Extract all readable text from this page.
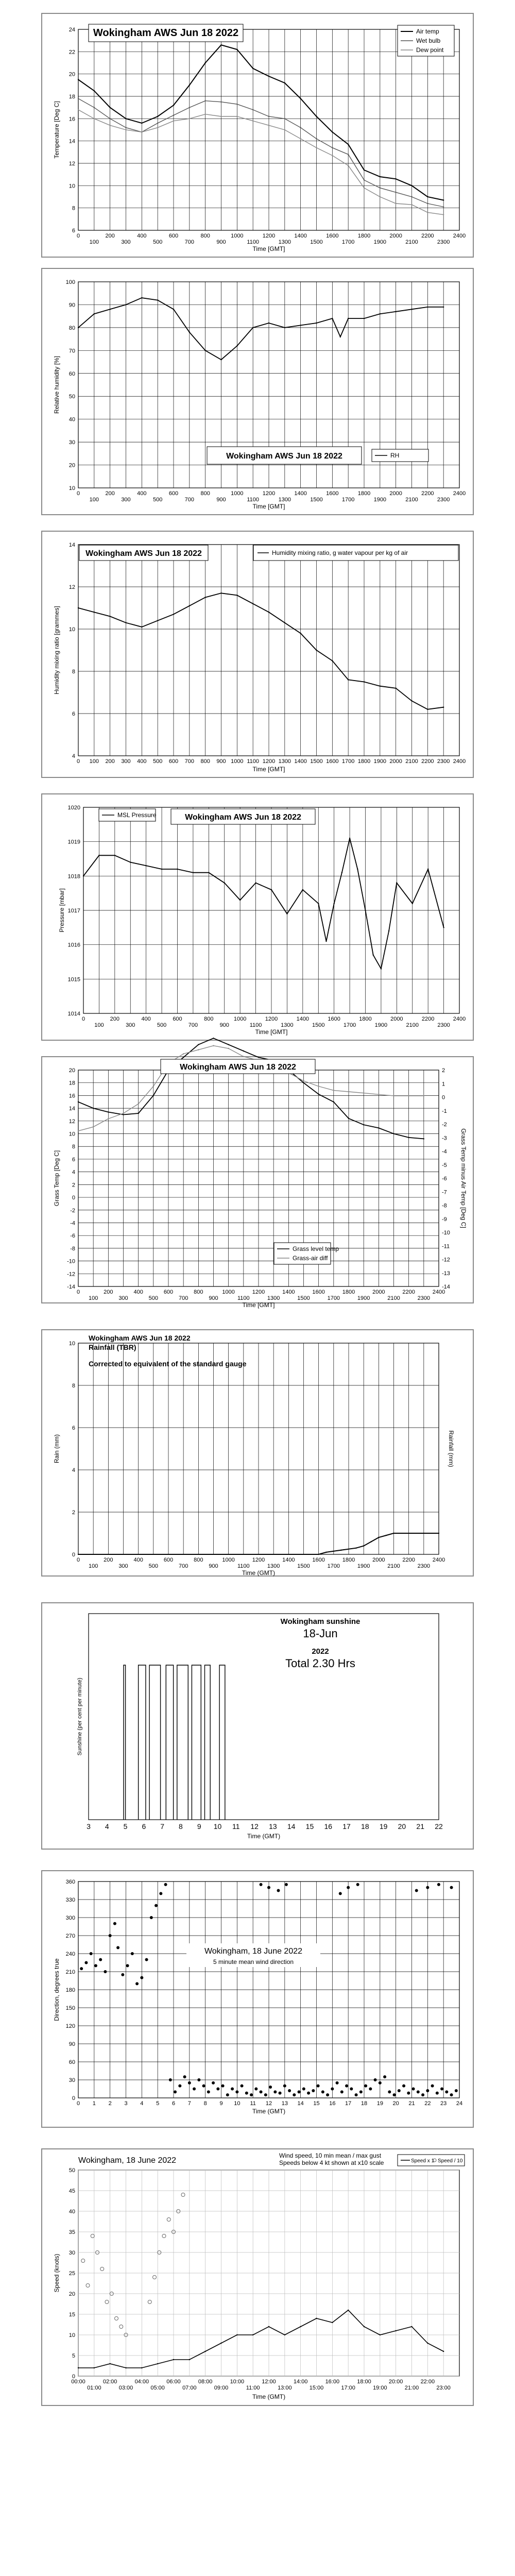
0
100
200
300
400
500
600
700
800
900
1000
1100
1200
1300
1400
1500
1600
1700
1800
1900
2000
2100
2200
2300
2400
6
8
10
12
14
16
18
20
22
24
Time [GMT]
Temperature [Deg C]
Wokingham AWS Jun 18 2022	Air temp
Wet bulb
Dew point
0
100
200
300
400
500
600
700
800
900
1000
1100
1200
1300
1400
1500
1600
1700
1800
1900
2000
2100
2200
2300
2400
10
20
30
40
50
60
70
80
90
100
Time [GMT]
Relative humidity [%]
Wokingham AWS Jun 18 2022	RH
0 100 200 300 400 500 600 700 800 900 1000 1100 1200 1300 1400 1500 1600 1700 1800 1900 2000 2100 2200 2300 2400
4
6
8
10
12
14
Time [GMT]
Humidity mixing ratio [grammes]
Wokingham AWS Jun 18 2022	Humidity mixing ratio, g water vapour per kg of air
0
100
200
300
400
500
600
700
800
900
1000
1100
1200
1300
1400
1500
1600
1700
1800
1900
2000
2100
2200
2300
2400
1014
1015
1016
1017
1018
1019
1020
Time [GMT]
Pressure [mbar]
MSL Pressure	Wokingham AWS Jun 18 2022
0
100
200
300
400
500
600
700
800
900
1000
1100
1200
1300
1400
1500
1600
1700
1800
1900
2000
2100
2200
2300
2400
-14
-12
-10
-8
-6
-4
-2
0
2
4
6
8
10
12
14
16
18
20
Time [GMT]
Grass Temp [Deg C]
-14
-13
-12
-11
-10
-9
-8
-7
-6
-5
-4
-3
-2
-1
0
1
2
Grass Temp minus Air Temp [Deg C]
Wokingham AWS Jun 18 2022
Grass level temp
Grass-air diff
0
100
200
300
400
500
600
700
800
900
1000
1100
1200
1300
1400
1500
1600
1700
1800
1900
2000
2100
2200
2300
2400
0
2
4
6
8
10
Time (GMT)
Rain (mm)	Rainfall (mm)
Wokingham AWS Jun 18 2022
Rainfall (TBR)
Corrected to equivalent of the standard gauge
3 4 5 6 7 8 9 10 11 12 13 14 15 16 17 18 19 20 21 22
Time (GMT)
Sunshine (per cent per minute)
Wokingham sunshine
18-Jun
2022
Total 2.30 Hrs
0 1 2 3 4 5 6 7 8 9 10 11 12 13 14 15 16 17 18 19 20 21 22 23 24
0
30
60
90
120
150
180
210
240
270
300
330
360
Time (GMT)
Direction, degrees true
Wokingham, 18 June 2022
5 minute mean wind direction
0
5
10
15
20
25
30
35
40
45
50
00:00
01:00
02:00
03:00
04:00
05:00
06:00
07:00
08:00
09:00
10:00
11:00
12:00
13:00
14:00
15:00
16:00
17:00
18:00
19:00
20:00
21:00
22:00
23:00
Time (GMT)
Speed (knots)
Wokingham, 18 June 2022
Wind speed, 10 min mean / max gust
Speeds below 4 kt shown at x10 scale	Speed x 1 Speed / 10
